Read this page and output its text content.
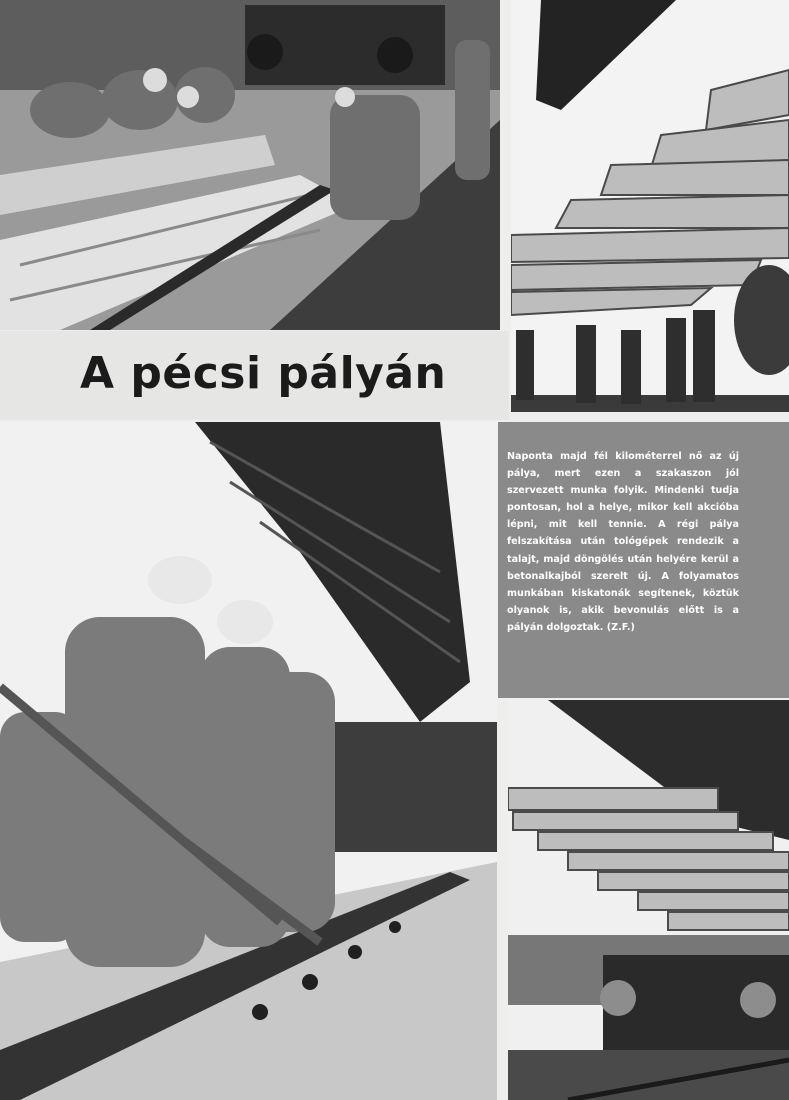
A pécsi pályán

Naponta majd fél kilométerrel nő az új pálya, mert ezen a szakaszon jól szervezett munka folyik. Mindenki tudja pontosan, hol a helye, mikor kell akcióba lépni, mit kell tennie. A régi pálya felszakítása után tológépek rendezik a talajt, majd döngölés után helyére kerül a betonalkajból szerelt új. A folyamatos munkában kiskatonák segítenek, köztük olyanok is, akik bevonulás előtt is a pályán dolgoztak. (Z.F.)
